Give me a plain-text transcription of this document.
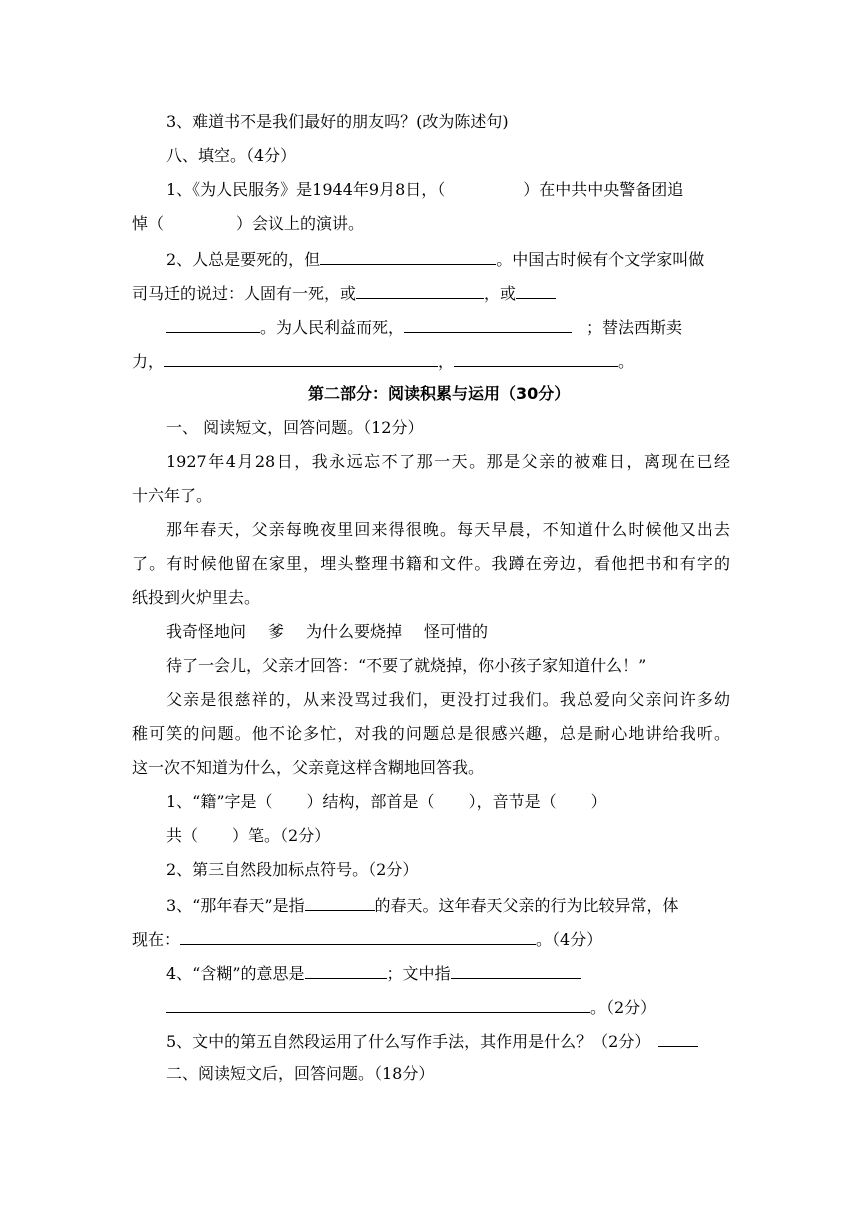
3、难道书不是我们最好的朋友吗？(改为陈述句)
八、填空。（4分）
1、《为人民服务》是1944年9月8日，（	）在中共中央警备团追
悼（	）会议上的演讲。
2、人总是要死的，但	。中国古时候有个文学家叫做
司马迁的说过：人固有一死，或	，或
。为人民利益而死，	；替法西斯卖
力，	，	。
第二部分：阅读积累与运用（30分）
一、 阅读短文，回答问题。（12分）
1927年4月28日，我永远忘不了那一天。那是父亲的被难日，离现在已经
十六年了。
那年春天，父亲每晚夜里回来得很晚。每天早晨，不知道什么时候他又出去
了。有时候他留在家里，埋头整理书籍和文件。我蹲在旁边，看他把书和有字的
纸投到火炉里去。
我奇怪地问 爹 为什么要烧掉 怪可惜的
待了一会儿，父亲才回答：“不要了就烧掉，你小孩子家知道什么！”
父亲是很慈祥的，从来没骂过我们，更没打过我们。我总爱向父亲问许多幼
稚可笑的问题。他不论多忙，对我的问题总是很感兴趣，总是耐心地讲给我听。
这一次不知道为什么，父亲竟这样含糊地回答我。
1、“籍”字是（ ）结构，部首是（ ），音节是（ ）
共（ ）笔。（2分）
2、第三自然段加标点符号。（2分）
3、“那年春天”是指	的春天。这年春天父亲的行为比较异常，体
现在：	。（4分）
4、“含糊”的意思是	；文中指
。（2分）
5、文中的第五自然段运用了什么写作手法，其作用是什么？（2分）
二、阅读短文后，回答问题。（18分）
